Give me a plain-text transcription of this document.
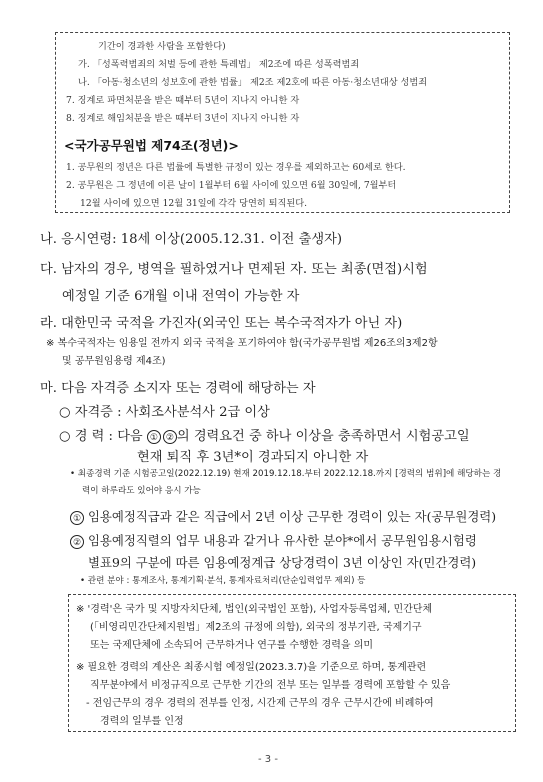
기간이 경과한 사람을 포함한다)
가. 「성폭력범죄의 처벌 등에 관한 특례법」 제2조에 따른 성폭력범죄
나. 「아동·청소년의 성보호에 관한 법률」 제2조 제2호에 따른 아동·청소년대상 성범죄
7. 징계로 파면처분을 받은 때부터 5년이 지나지 아니한 자
8. 징계로 해임처분을 받은 때부터 3년이 지나지 아니한 자
<국가공무원법 제74조(정년)>
1. 공무원의 정년은 다른 법률에 특별한 규정이 있는 경우를 제외하고는 60세로 한다.
2. 공무원은 그 정년에 이른 날이 1월부터 6월 사이에 있으면 6월 30일에, 7월부터
12월 사이에 있으면 12월 31일에 각각 당연히 퇴직된다.
나. 응시연령: 18세 이상(2005.12.31. 이전 출생자)
다. 남자의 경우, 병역을 필하였거나 면제된 자. 또는 최종(면접)시험
예정일 기준 6개월 이내 전역이 가능한 자
라. 대한민국 국적을 가진자(외국인 또는 복수국적자가 아닌 자)
※ 복수국적자는 임용일 전까지 외국 국적을 포기하여야 함(국가공무원법 제26조의3제2항
및 공무원임용령 제4조)
마. 다음 자격증 소지자 또는 경력에 해당하는 자
○ 자격증 : 사회조사분석사 2급 이상
○ 경 력 : 다음 ① ② 의 경력요건 중 하나 이상을 충족하면서 시험공고일
현재 퇴직 후 3년*이 경과되지 아니한 자
• 최종경력 기준 시험공고일(2022.12.19) 현재 2019.12.18.부터 2022.12.18.까지 [경력의 범위]에 해당하는 경
력이 하루라도 있어야 응시 가능
① 임용예정직급과 같은 직급에서 2년 이상 근무한 경력이 있는 자(공무원경력)
② 임용예정직렬의 업무 내용과 같거나 유사한 분야*에서 공무원임용시험령
별표9의 구분에 따른 임용예정계급 상당경력이 3년 이상인 자(민간경력)
• 관련 분야 : 통계조사, 통계기획·분석, 통계자료처리(단순입력업무 제외) 등
※ '경력'은 국가 및 지방자치단체, 법인(외국법인 포함), 사업자등록업체, 민간단체
(「비영리민간단체지원법」제2조의 규정에 의함), 외국의 정부기관, 국제기구
또는 국제단체에 소속되어 근무하거나 연구를 수행한 경력을 의미
※ 필요한 경력의 계산은 최종시험 예정일(2023.3.7)을 기준으로 하며, 통계관련
직무분야에서 비정규직으로 근무한 기간의 전부 또는 일부를 경력에 포함할 수 있음
- 전임근무의 경우 경력의 전부를 인정, 시간제 근무의 경우 근무시간에 비례하여
경력의 일부를 인정
- 3 -
